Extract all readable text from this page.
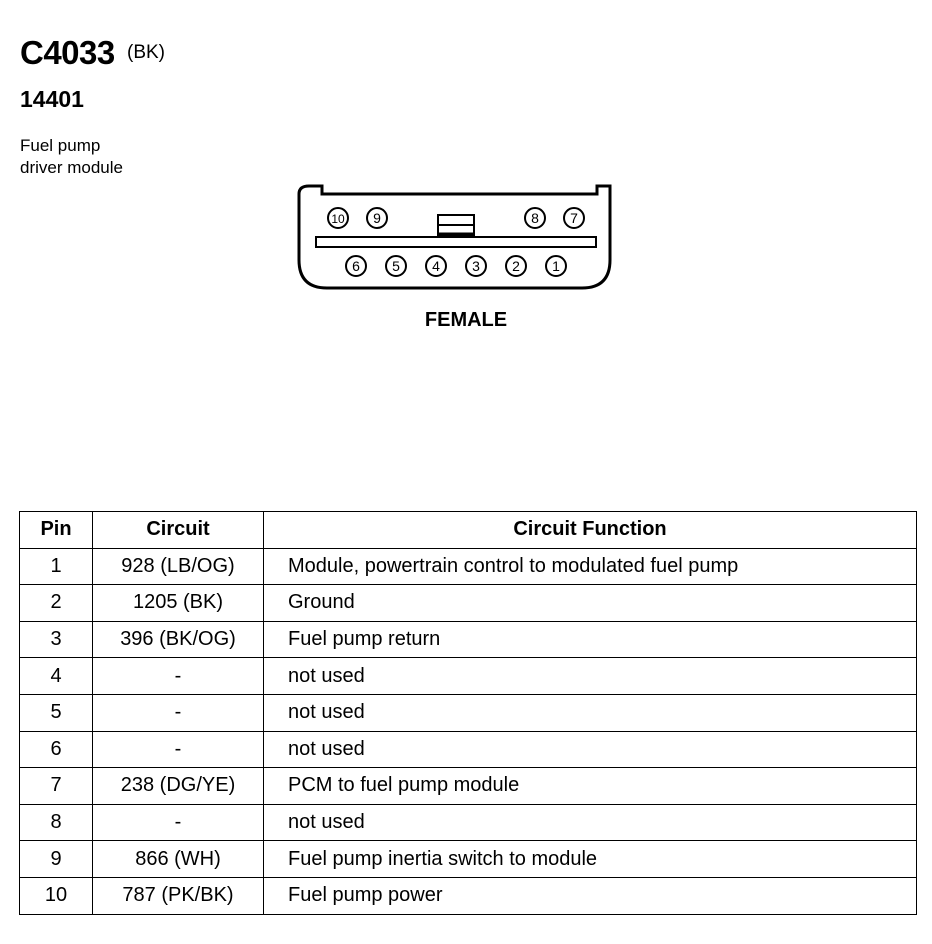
C4033 (BK)
14401
Fuel pump
driver module
10 9	8 7
6 5 4 3 2 1
FEMALE
Pin	Circuit	Circuit Function
1	928 (LB/OG)	Module, powertrain control to modulated fuel pump
2	1205 (BK)	Ground
3	396 (BK/OG)	Fuel pump return
4	-	not used
5	-	not used
6	-	not used
7	238 (DG/YE)	PCM to fuel pump module
8	-	not used
9	866 (WH)	Fuel pump inertia switch to module
10	787 (PK/BK)	Fuel pump power
